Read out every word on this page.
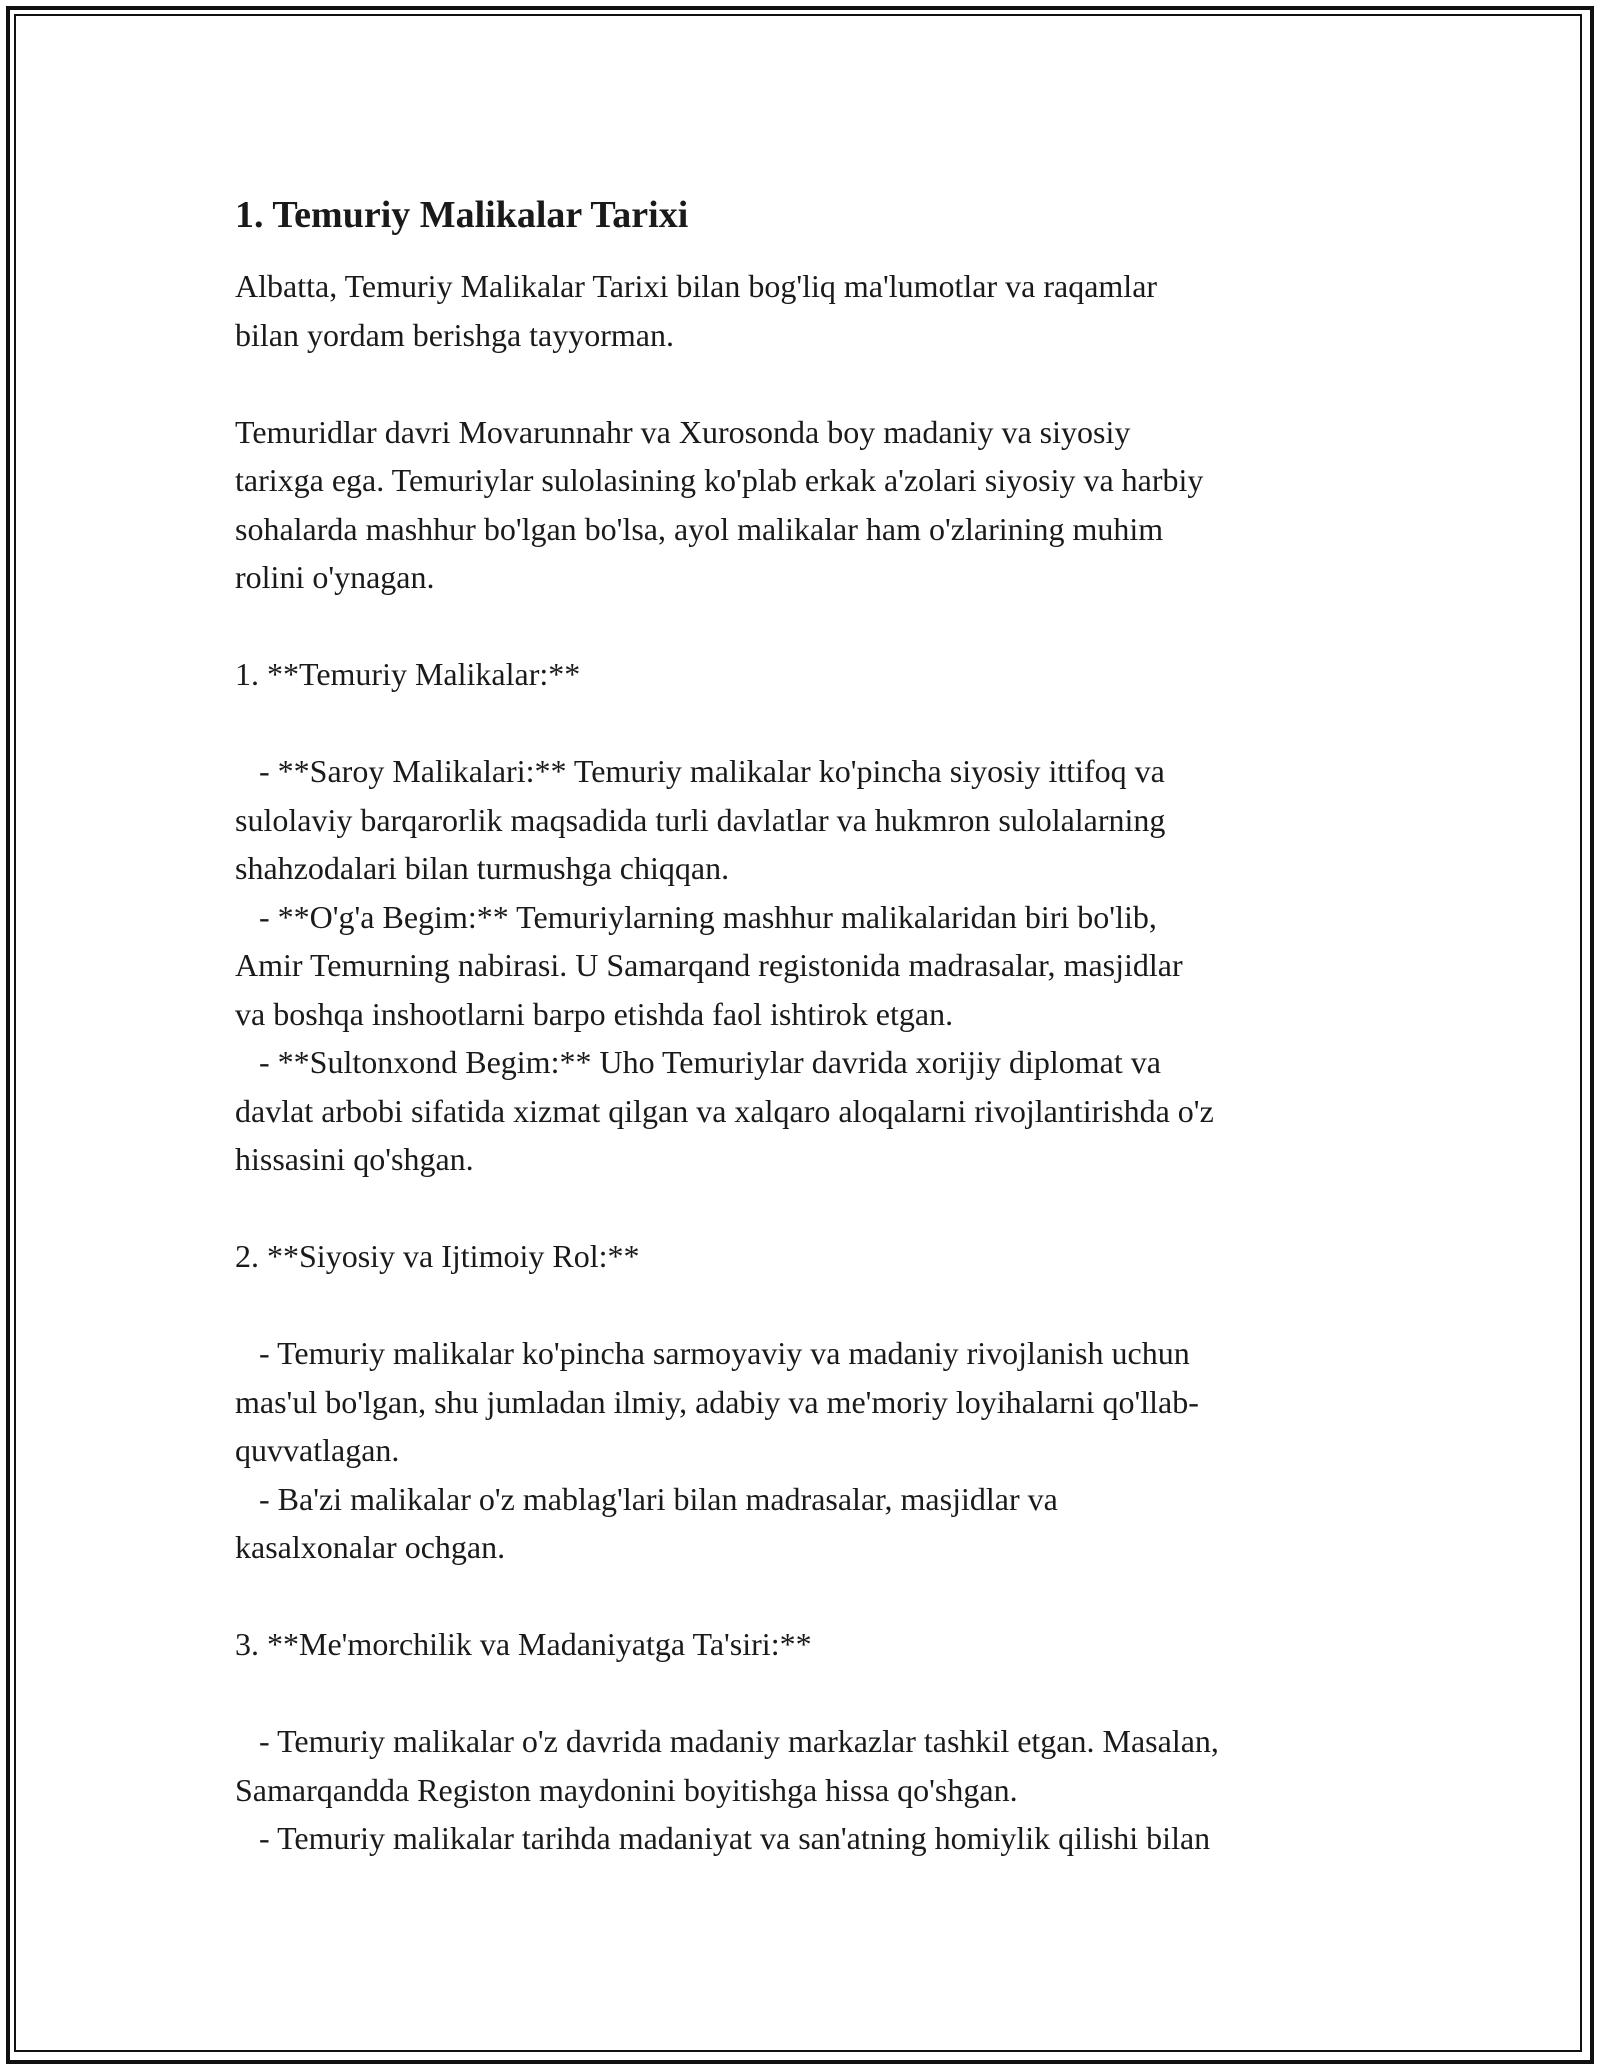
1. Temuriy Malikalar Tarixi

Albatta, Temuriy Malikalar Tarixi bilan bog'liq ma'lumotlar va raqamlar
bilan yordam berishga tayyorman.

Temuridlar davri Movarunnahr va Xurosonda boy madaniy va siyosiy
tarixga ega. Temuriylar sulolasining ko'plab erkak a'zolari siyosiy va harbiy
sohalarda mashhur bo'lgan bo'lsa, ayol malikalar ham o'zlarining muhim
rolini o'ynagan.

1. **Temuriy Malikalar:**

- **Saroy Malikalari:** Temuriy malikalar ko'pincha siyosiy ittifoq va
sulolaviy barqarorlik maqsadida turli davlatlar va hukmron sulolalarning
shahzodalari bilan turmushga chiqqan.
- **O'g'a Begim:** Temuriylarning mashhur malikalaridan biri bo'lib,
Amir Temurning nabirasi. U Samarqand registonida madrasalar, masjidlar
va boshqa inshootlarni barpo etishda faol ishtirok etgan.
- **Sultonxond Begim:** Uho Temuriylar davrida xorijiy diplomat va
davlat arbobi sifatida xizmat qilgan va xalqaro aloqalarni rivojlantirishda o'z
hissasini qo'shgan.

2. **Siyosiy va Ijtimoiy Rol:**

- Temuriy malikalar ko'pincha sarmoyaviy va madaniy rivojlanish uchun
mas'ul bo'lgan, shu jumladan ilmiy, adabiy va me'moriy loyihalarni qo'llab-
quvvatlagan.
- Ba'zi malikalar o'z mablag'lari bilan madrasalar, masjidlar va
kasalxonalar ochgan.

3. **Me'morchilik va Madaniyatga Ta'siri:**

- Temuriy malikalar o'z davrida madaniy markazlar tashkil etgan. Masalan,
Samarqandda Registon maydonini boyitishga hissa qo'shgan.
- Temuriy malikalar tarihda madaniyat va san'atning homiylik qilishi bilan
